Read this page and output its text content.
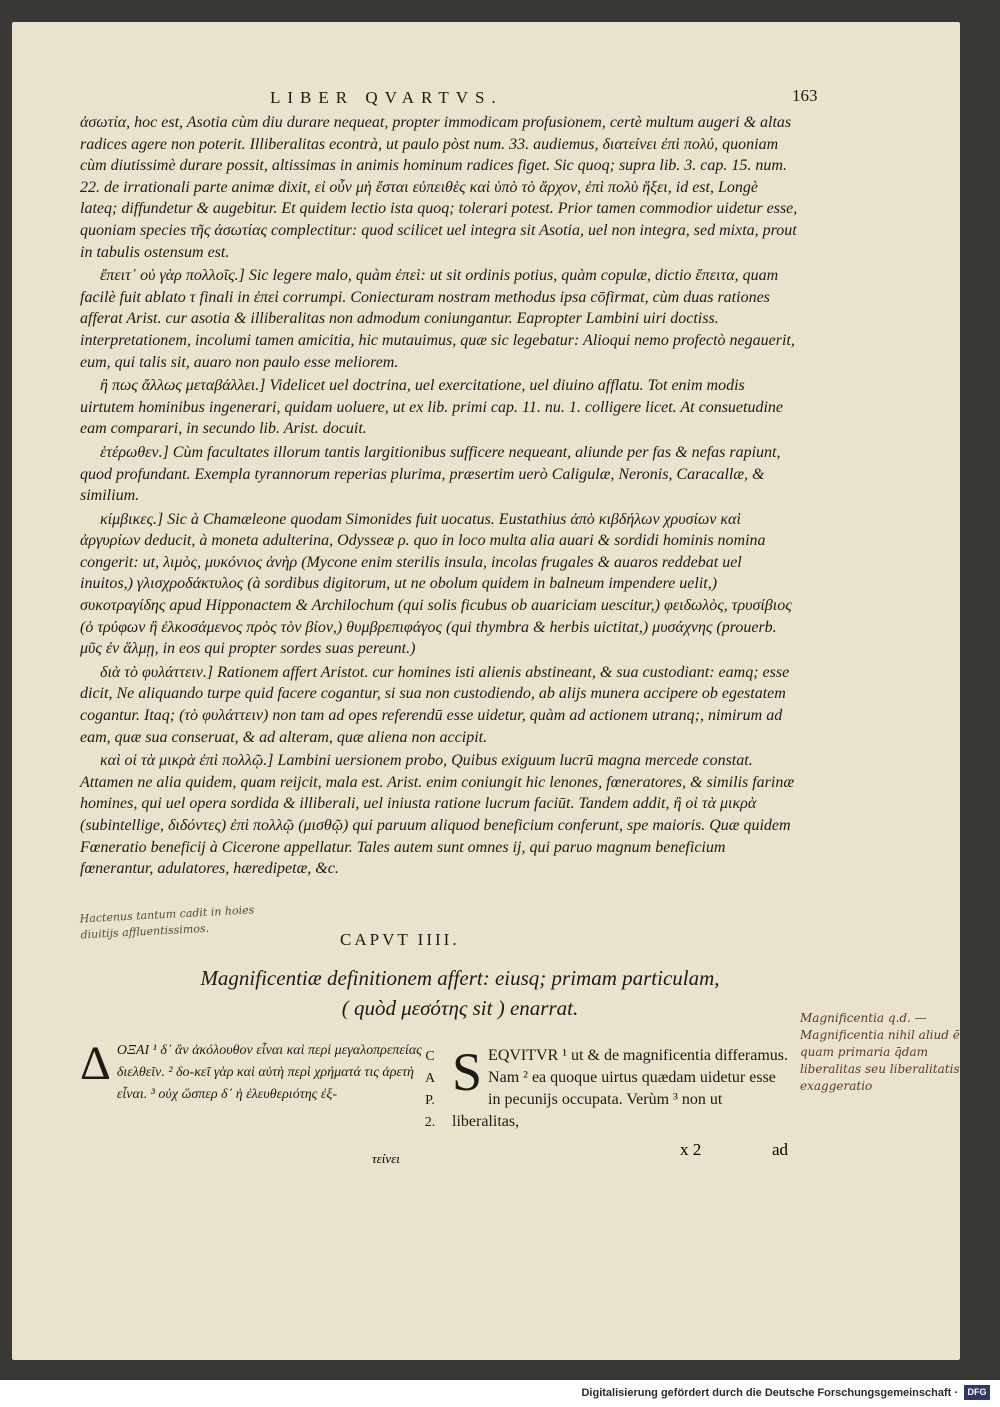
LIBER QVARTVS.	163

ἀσωτία, hoc est, Asotia cùm diu durare nequeat, propter immodicam profusionem, certè multum augeri & altas radices agere non poterit. Illiberalitas econtrà, ut paulo pòst num. 33. audiemus, διατείνει ἐπὶ πολύ, quoniam cùm diutissimè durare possit, altissimas in animis hominum radices figet. Sic quoq; supra lib. 3. cap. 15. num. 22. de irrationali parte animæ dixit, εἰ οὖν μὴ ἔσται εὐπειθὲς καὶ ὑπὸ τὸ ἄρχον, ἐπὶ πολὺ ἥξει, id est, Longè lateq; diffundetur & augebitur. Et quidem lectio ista quoq; tolerari potest. Prior tamen commodior uidetur esse, quoniam species τῆς ἀσωτίας complectitur: quod scilicet uel integra sit Asotia, uel non integra, sed mixta, prout in tabulis ostensum est.

ἔπειτ᾽ οὐ γὰρ πολλοῖς.] Sic legere malo, quàm ἐπεὶ: ut sit ordinis potius, quàm copulæ, dictio ἔπειτα, quam facilè fuit ablato τ finali in ἐπεὶ corrumpi. Coniecturam nostram methodus ipsa cōfirmat, cùm duas rationes afferat Arist. cur asotia & illiberalitas non admodum coniungantur. Eapropter Lambini uiri doctiss. interpretationem, incolumi tamen amicitia, hic mutauimus, quæ sic legebatur: Alioqui nemo profectò negauerit, eum, qui talis sit, auaro non paulo esse meliorem.

ἢ πως ἄλλως μεταβάλλει.] Videlicet uel doctrina, uel exercitatione, uel diuino afflatu. Tot enim modis uirtutem hominibus ingenerari, quidam uoluere, ut ex lib. primi cap. 11. nu. 1. colligere licet. At consuetudine eam comparari, in secundo lib. Arist. docuit.

ἑτέρωθεν.] Cùm facultates illorum tantis largitionibus sufficere nequeant, aliunde per fas & nefas rapiunt, quod profundant. Exempla tyrannorum reperias plurima, præsertim uerò Caligulæ, Neronis, Caracallæ, & similium.

κίμβικες.] Sic à Chamæleone quodam Simonides fuit uocatus. Eustathius ἀπὸ κιβδήλων χρυσίων καὶ ἀργυρίων deducit, à moneta adulterina, Odysseæ ρ. quo in loco multa alia auari & sordidi hominis nomina congerit: ut, λιμὸς, μυκόνιος ἀνὴρ (Mycone enim sterilis insula, incolas frugales & auaros reddebat uel inuitos,) γλισχροδάκτυλος (à sordibus digitorum, ut ne obolum quidem in balneum impendere uelit,) συκοτραγίδης apud Hipponactem & Archilochum (qui solis ficubus ob auariciam uescitur,) φειδωλὸς, τρυσίβιος (ὁ τρύφων ἢ ἐλκοσάμενος πρὸς τὸν βίον,) θυμβρεπιφάγος (qui thymbra & herbis uictitat,) μυσάχνης (prouerb. μῦς ἐν ἅλμῃ, in eos qui propter sordes suas pereunt.)

διὰ τὸ φυλάττειν.] Rationem affert Aristot. cur homines isti alienis abstineant, & sua custodiant: eamq; esse dicit, Ne aliquando turpe quid facere cogantur, si sua non custodiendo, ab alijs munera accipere ob egestatem cogantur. Itaq; (τὸ φυλάττειν) non tam ad opes referendū esse uidetur, quàm ad actionem utranq;, nimirum ad eam, quæ sua conseruat, & ad alteram, quæ aliena non accipit.

καὶ οἱ τὰ μικρὰ ἐπὶ πολλῷ.] Lambini uersionem probo, Quibus exiguum lucrū magna mercede constat. Attamen ne alia quidem, quam reijcit, mala est. Arist. enim coniungit hic lenones, fœneratores, & similis farinæ homines, qui uel opera sordida & illiberali, uel iniusta ratione lucrum faciūt. Tandem addit, ἢ οἱ τὰ μικρὰ (subintellige, διδόντες) ἐπὶ πολλῷ (μισθῷ) qui paruum aliquod beneficium conferunt, spe maioris. Quæ quidem Fœneratio beneficij à Cicerone appellatur. Tales autem sunt omnes ij, qui paruo magnum beneficium fœnerantur, adulatores, hæredipetæ, &c.

Hactenus tantum cadit in hoies diuitijs affluentissimos.	CAPVT IIII.
Magnificentiæ definitionem affert: eiusq; primam particulam,
( quòd μεσότης sit ) enarrat.	Magnificentia q.d. — Magnificentia nihil aliud ē quam primaria q̄dam liberalitas seu liberalitatis exaggeratio
Δ ΟΞΑΙ ¹ δ᾽ ἂν ἀκόλουθον εἶναι καὶ περὶ μεγαλοπρεπείας διελθεῖν. ² δο-κεῖ γὰρ καὶ αὐτὴ περὶ χρήματά τις ἀρετὴ εἶναι. ³ οὐχ ὥσπερ δ᾽ ἡ ἐλευθεριότης ἐξ-
C
A
P.
2.
S EQVITVR ¹ ut & de magnificentia differamus. Nam ² ea quoque uirtus quædam uidetur esse in pecunijs occupata. Verùm ³ non ut liberalitas,
τείνει	x 2	ad
Digitalisierung gefördert durch die Deutsche Forschungsgemeinschaft ·	DFG
